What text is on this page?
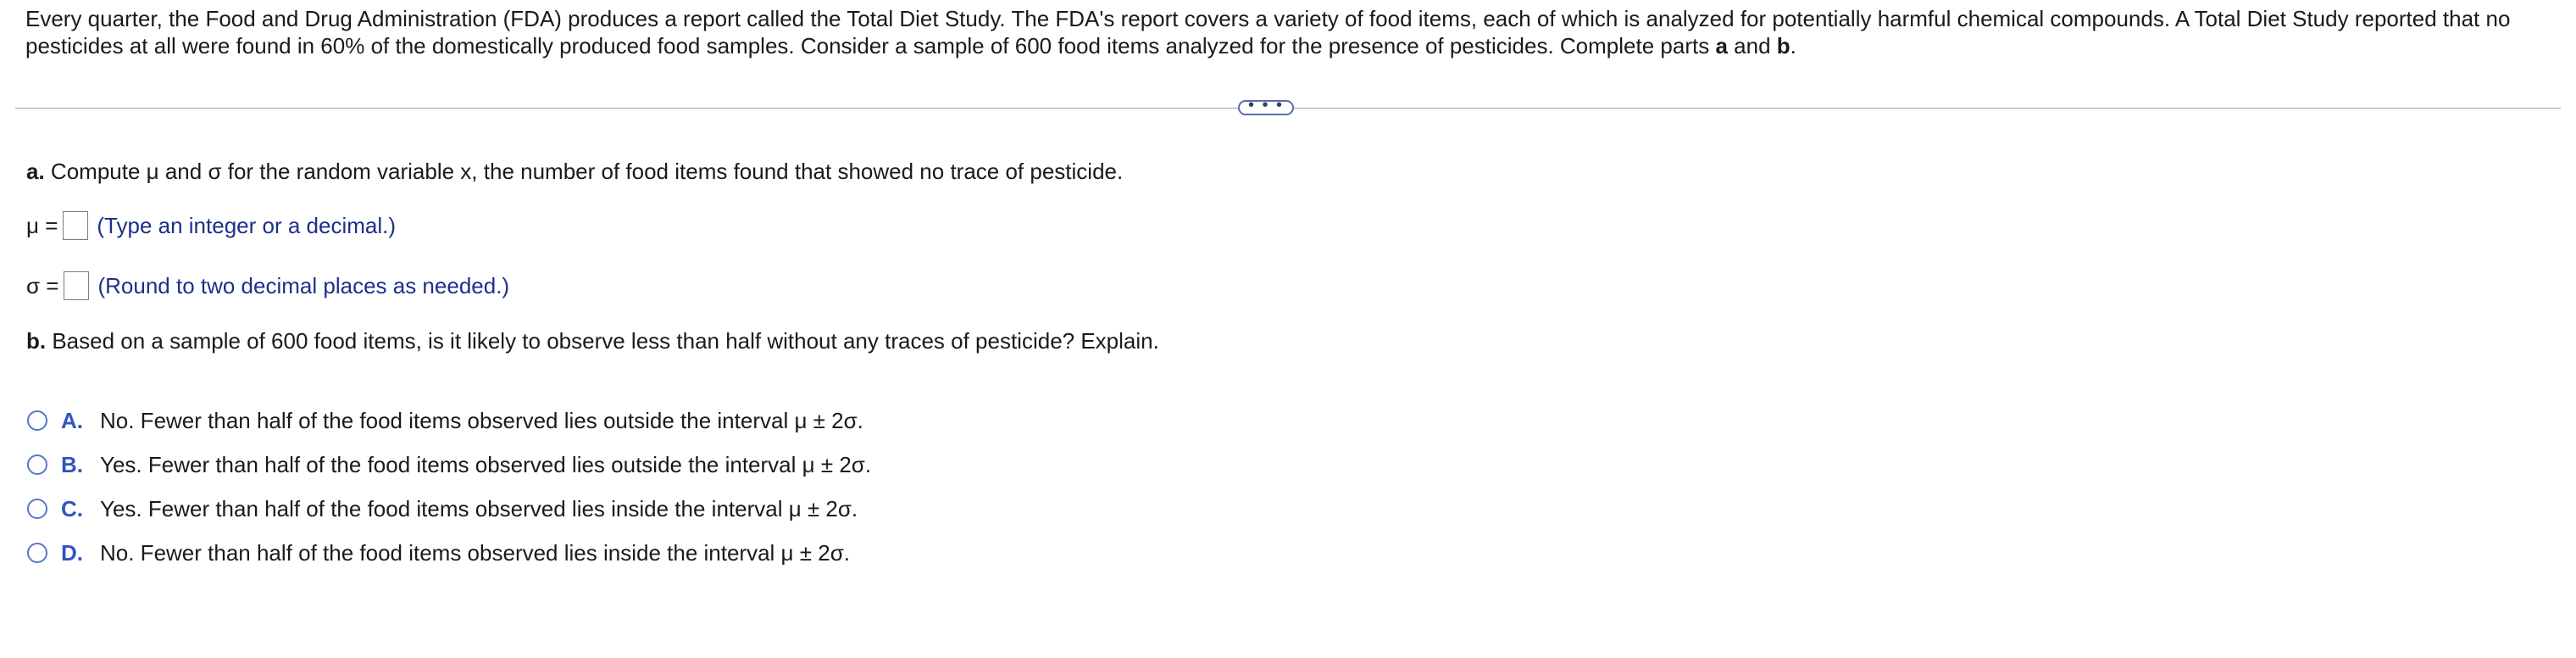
Every quarter, the Food and Drug Administration (FDA) produces a report called the Total Diet Study. The FDA's report covers a variety of food items, each of which is analyzed for potentially harmful chemical compounds. A Total Diet Study reported that no pesticides at all were found in 60% of the domestically produced food samples. Consider a sample of 600 food items analyzed for the presence of pesticides. Complete parts a and b.

• • •

a. Compute μ and σ for the random variable x, the number of food items found that showed no trace of pesticide.

μ = (Type an integer or a decimal.)
σ = (Round to two decimal places as needed.)

b. Based on a sample of 600 food items, is it likely to observe less than half without any traces of pesticide? Explain.

A. No. Fewer than half of the food items observed lies outside the interval μ ± 2σ.
B. Yes. Fewer than half of the food items observed lies outside the interval μ ± 2σ.
C. Yes. Fewer than half of the food items observed lies inside the interval μ ± 2σ.
D. No. Fewer than half of the food items observed lies inside the interval μ ± 2σ.
